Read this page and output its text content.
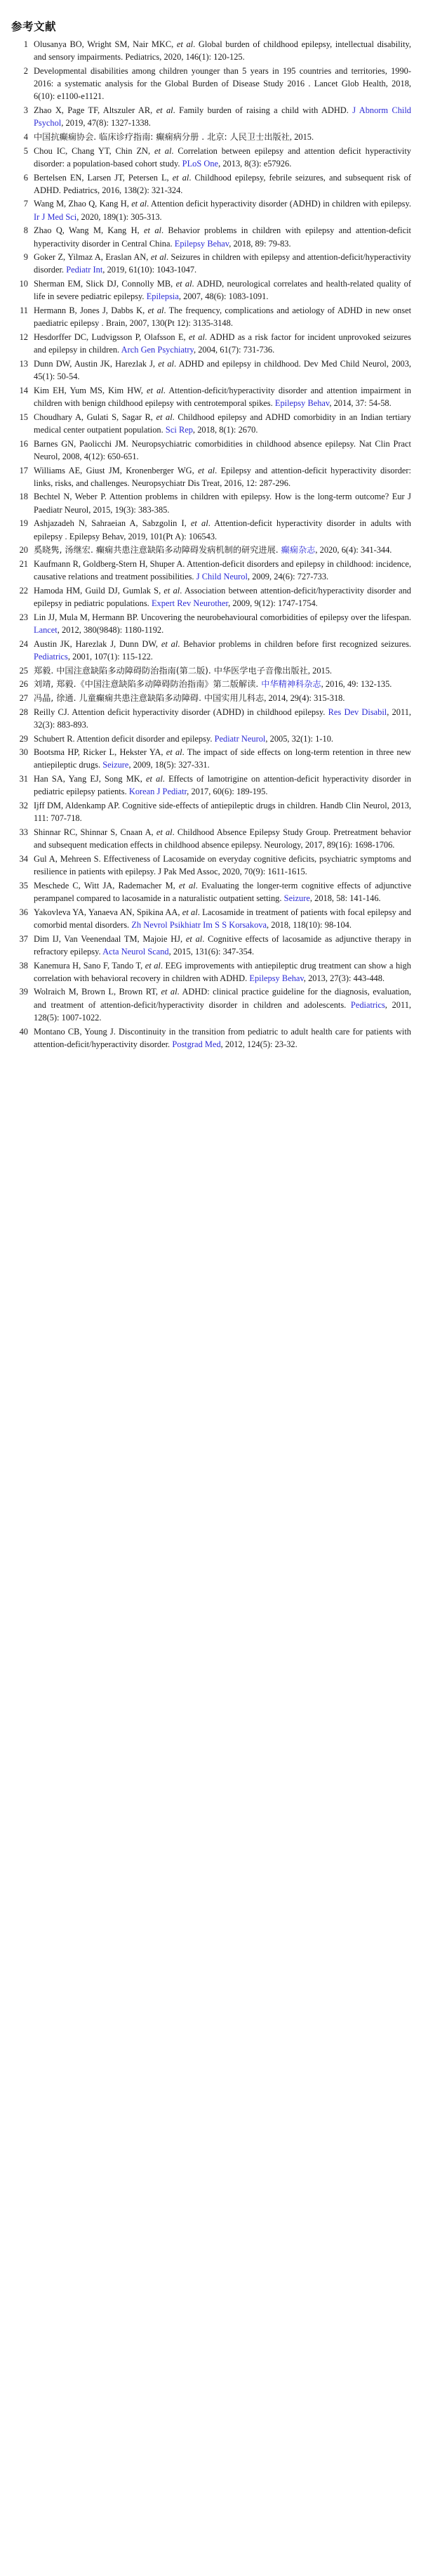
参考文献
1 Olusanya BO, Wright SM, Nair MKC, et al. Global burden of childhood epilepsy, intellectual disability, and sensory impairments. Pediatrics, 2020, 146(1): 120-125.
2 Developmental disabilities among children younger than 5 years in 195 countries and territories, 1990-2016: a systematic analysis for the Global Burden of Disease Study 2016 . Lancet Glob Health, 2018, 6(10): e1100-e1121.
3 Zhao X, Page TF, Altszuler AR, et al. Family burden of raising a child with ADHD. J Abnorm Child Psychol, 2019, 47(8): 1327-1338.
4 中国抗癫痫协会. 临床诊疗指南: 癫痫病分册 . 北京: 人民卫士出版社, 2015.
5 Chou IC, Chang YT, Chin ZN, et al. Correlation between epilepsy and attention deficit hyperactivity disorder: a population-based cohort study. PLoS One, 2013, 8(3): e57926.
6 Bertelsen EN, Larsen JT, Petersen L, et al. Childhood epilepsy, febrile seizures, and subsequent risk of ADHD. Pediatrics, 2016, 138(2): 321-324.
7 Wang M, Zhao Q, Kang H, et al. Attention deficit hyperactivity disorder (ADHD) in children with epilepsy. Ir J Med Sci, 2020, 189(1): 305-313.
8 Zhao Q, Wang M, Kang H, et al. Behavior problems in children with epilepsy and attention-deficit hyperactivity disorder in Central China. Epilepsy Behav, 2018, 89: 79-83.
9 Goker Z, Yilmaz A, Eraslan AN, et al. Seizures in children with epilepsy and attention-deficit/hyperactivity disorder. Pediatr Int, 2019, 61(10): 1043-1047.
10 Sherman EM, Slick DJ, Connolly MB, et al. ADHD, neurological correlates and health-related quality of life in severe pediatric epilepsy. Epilepsia, 2007, 48(6): 1083-1091.
11 Hermann B, Jones J, Dabbs K, et al. The frequency, complications and aetiology of ADHD in new onset paediatric epilepsy . Brain, 2007, 130(Pt 12): 3135-3148.
12 Hesdorffer DC, Ludvigsson P, Olafsson E, et al. ADHD as a risk factor for incident unprovoked seizures and epilepsy in children. Arch Gen Psychiatry, 2004, 61(7): 731-736.
13 Dunn DW, Austin JK, Harezlak J, et al. ADHD and epilepsy in childhood. Dev Med Child Neurol, 2003, 45(1): 50-54.
14 Kim EH, Yum MS, Kim HW, et al. Attention-deficit/hyperactivity disorder and attention impairment in children with benign childhood epilepsy with centrotemporal spikes. Epilepsy Behav, 2014, 37: 54-58.
15 Choudhary A, Gulati S, Sagar R, et al. Childhood epilepsy and ADHD comorbidity in an Indian tertiary medical center outpatient population. Sci Rep, 2018, 8(1): 2670.
16 Barnes GN, Paolicchi JM. Neuropsychiatric comorbidities in childhood absence epilepsy. Nat Clin Pract Neurol, 2008, 4(12): 650-651.
17 Williams AE, Giust JM, Kronenberger WG, et al. Epilepsy and attention-deficit hyperactivity disorder: links, risks, and challenges. Neuropsychiatr Dis Treat, 2016, 12: 287-296.
18 Bechtel N, Weber P. Attention problems in children with epilepsy. How is the long-term outcome? Eur J Paediatr Neurol, 2015, 19(3): 383-385.
19 Ashjazadeh N, Sahraeian A, Sabzgolin I, et al. Attention-deficit hyperactivity disorder in adults with epilepsy . Epilepsy Behav, 2019, 101(Pt A): 106543.
20 奚晓隽, 汤继宏. 癫痫共患注意缺陷多动障碍发病机制的研究进展. 癫痫杂志, 2020, 6(4): 341-344.
21 Kaufmann R, Goldberg-Stern H, Shuper A. Attention-deficit disorders and epilepsy in childhood: incidence, causative relations and treatment possibilities. J Child Neurol, 2009, 24(6): 727-733.
22 Hamoda HM, Guild DJ, Gumlak S, et al. Association between attention-deficit/hyperactivity disorder and epilepsy in pediatric populations. Expert Rev Neurother, 2009, 9(12): 1747-1754.
23 Lin JJ, Mula M, Hermann BP. Uncovering the neurobehavioural comorbidities of epilepsy over the lifespan. Lancet, 2012, 380(9848): 1180-1192.
24 Austin JK, Harezlak J, Dunn DW, et al. Behavior problems in children before first recognized seizures. Pediatrics, 2001, 107(1): 115-122.
25 郑毅. 中国注意缺陷多动障碍防治指南(第二版). 中华医学电子音像出版社, 2015.
26 刘靖, 郑毅.《中国注意缺陷多动障碍防治指南》第二版解读. 中华精神科杂志, 2016, 49: 132-135.
27 冯晶, 徐通. 儿童癫痫共患注意缺陷多动障碍. 中国实用儿科志, 2014, 29(4): 315-318.
28 Reilly CJ. Attention deficit hyperactivity disorder (ADHD) in childhood epilepsy. Res Dev Disabil, 2011, 32(3): 883-893.
29 Schubert R. Attention deficit disorder and epilepsy. Pediatr Neurol, 2005, 32(1): 1-10.
30 Bootsma HP, Ricker L, Hekster YA, et al. The impact of side effects on long-term retention in three new antiepileptic drugs. Seizure, 2009, 18(5): 327-331.
31 Han SA, Yang EJ, Song MK, et al. Effects of lamotrigine on attention-deficit hyperactivity disorder in pediatric epilepsy patients. Korean J Pediatr, 2017, 60(6): 189-195.
32 Ijff DM, Aldenkamp AP. Cognitive side-effects of antiepileptic drugs in children. Handb Clin Neurol, 2013, 111: 707-718.
33 Shinnar RC, Shinnar S, Cnaan A, et al. Childhood Absence Epilepsy Study Group. Pretreatment behavior and subsequent medication effects in childhood absence epilepsy. Neurology, 2017, 89(16): 1698-1706.
34 Gul A, Mehreen S. Effectiveness of Lacosamide on everyday cognitive deficits, psychiatric symptoms and resilience in patients with epilepsy. J Pak Med Assoc, 2020, 70(9): 1611-1615.
35 Meschede C, Witt JA, Rademacher M, et al. Evaluating the longer-term cognitive effects of adjunctive perampanel compared to lacosamide in a naturalistic outpatient setting. Seizure, 2018, 58: 141-146.
36 Yakovleva YA, Yanaeva AN, Spikina AA, et al. Lacosamide in treatment of patients with focal epilepsy and comorbid mental disorders. Zh Nevrol Psikhiatr Im S S Korsakova, 2018, 118(10): 98-104.
37 Dim IJ, Van Veenendaal TM, Majoie HJ, et al. Cognitive effects of lacosamide as adjunctive therapy in refractory epilepsy. Acta Neurol Scand, 2015, 131(6): 347-354.
38 Kanemura H, Sano F, Tando T, et al. EEG improvements with antiepileptic drug treatment can show a high correlation with behavioral recovery in children with ADHD. Epilepsy Behav, 2013, 27(3): 443-448.
39 Wolraich M, Brown L, Brown RT, et al. ADHD: clinical practice guideline for the diagnosis, evaluation, and treatment of attention-deficit/hyperactivity disorder in children and adolescents. Pediatrics, 2011, 128(5): 1007-1022.
40 Montano CB, Young J. Discontinuity in the transition from pediatric to adult health care for patients with attention-deficit/hyperactivity disorder. Postgrad Med, 2012, 124(5): 23-32.
